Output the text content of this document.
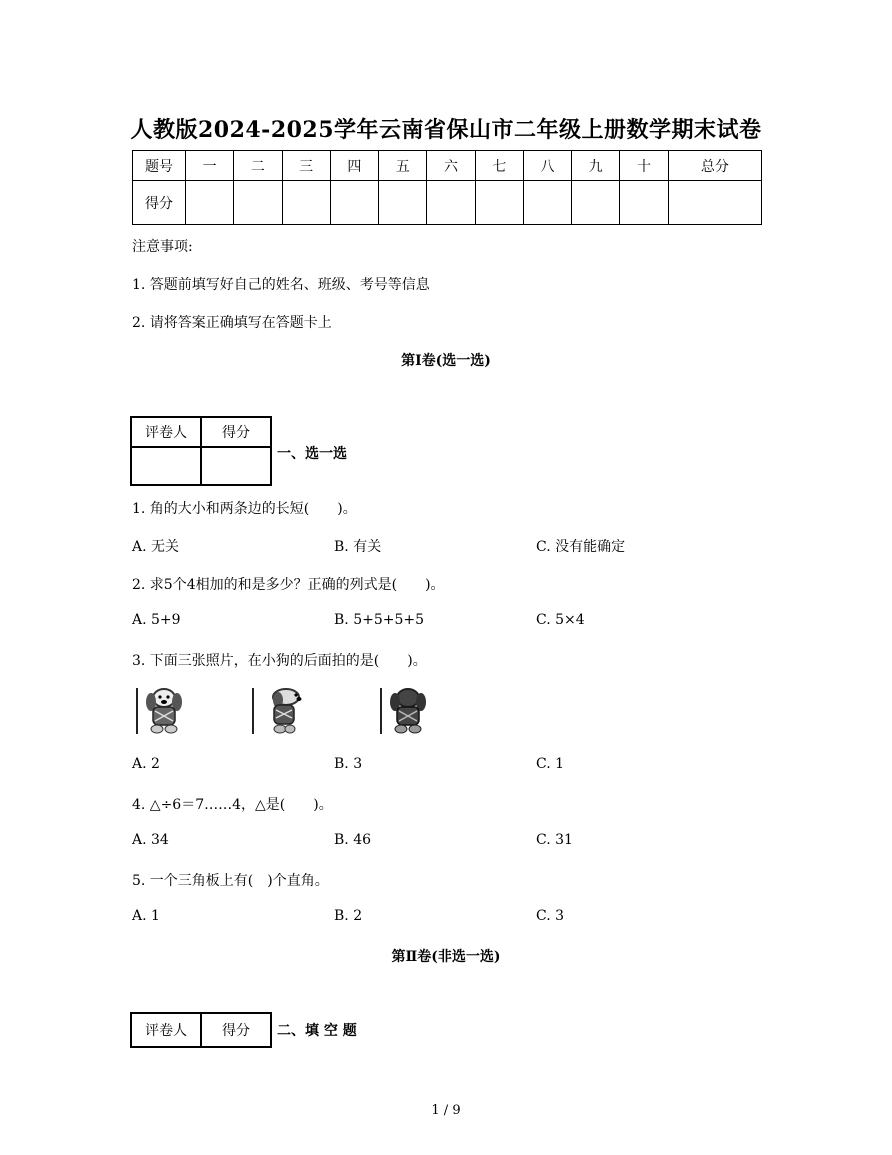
人教版2024-2025学年云南省保山市二年级上册数学期末试卷
题号	一	二	三	四	五	六	七	八	九	十	总分
得分											
注意事项:
1. 答题前填写好自己的姓名、班级、考号等信息
2. 请将答案正确填写在答题卡上
第Ⅰ卷(选一选)
评卷人	得分

一、选一选
1. 角的大小和两条边的长短(　　)。
A. 无关	B. 有关	C. 没有能确定
2. 求5个4相加的和是多少？正确的列式是(　　)。
A. 5+9	B. 5+5+5+5	C. 5×4
3. 下面三张照片，在小狗的后面拍的是(　　)。
A. 2	B. 3	C. 1
4. △÷6＝7……4，△是(　　)。
A. 34	B. 46	C. 31
5. 一个三角板上有(　)个直角。
A. 1	B. 2	C. 3
第Ⅱ卷(非选一选)
评卷人	得分 二、填 空 题
1 / 9
